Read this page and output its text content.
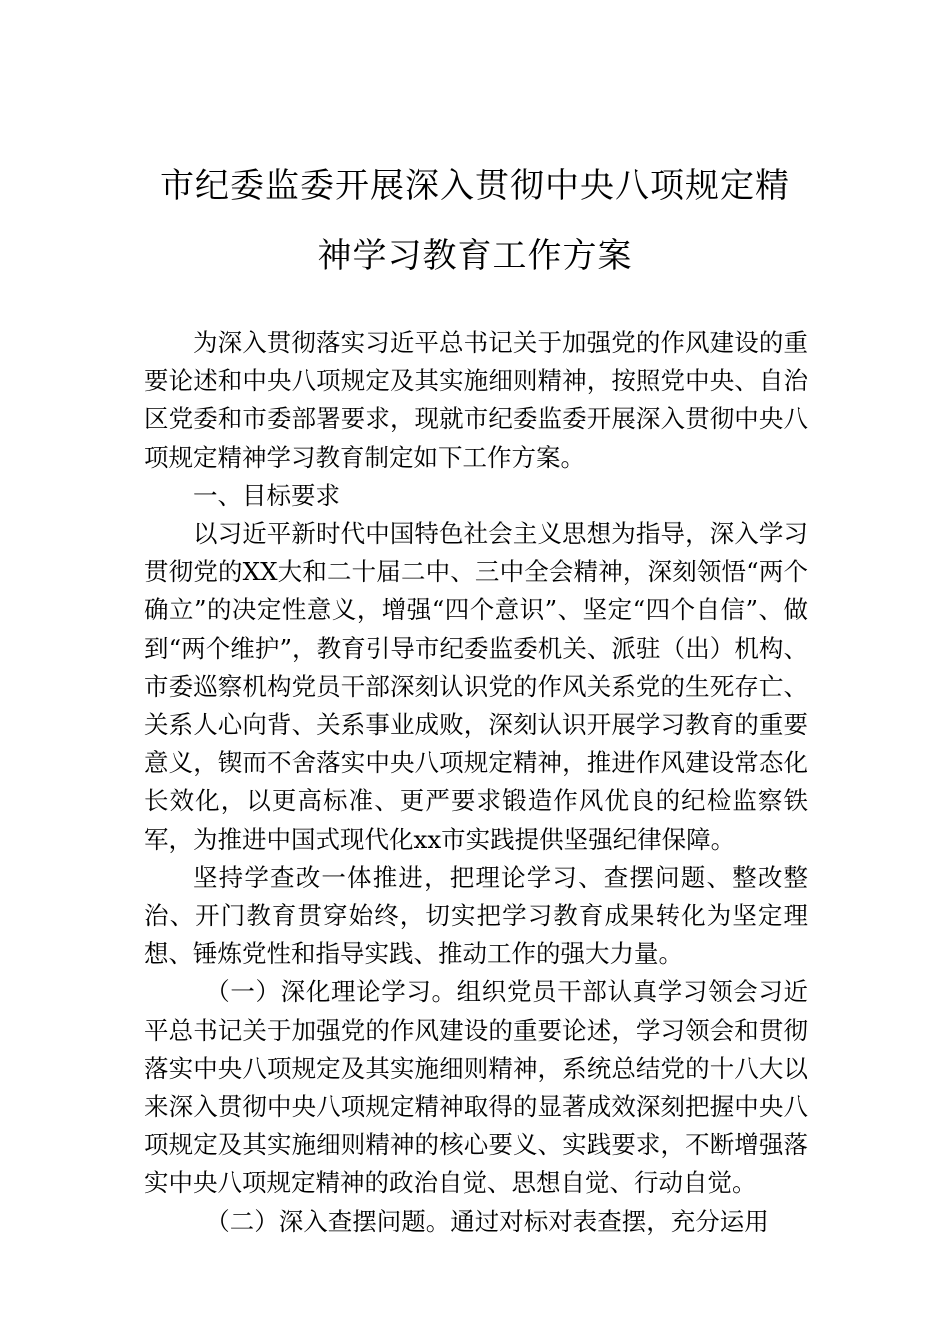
市纪委监委开展深入贯彻中央八项规定精
神学习教育工作方案

为深入贯彻落实习近平总书记关于加强党的作风建设的重要论述和中央八项规定及其实施细则精神，按照党中央、自治区党委和市委部署要求，现就市纪委监委开展深入贯彻中央八项规定精神学习教育制定如下工作方案。

一、目标要求

以习近平新时代中国特色社会主义思想为指导，深入学习贯彻党的XX大和二十届二中、三中全会精神，深刻领悟“两个确立”的决定性意义，增强“四个意识”、坚定“四个自信”、做到“两个维护”，教育引导市纪委监委机关、派驻（出）机构、市委巡察机构党员干部深刻认识党的作风关系党的生死存亡、关系人心向背、关系事业成败，深刻认识开展学习教育的重要意义，锲而不舍落实中央八项规定精神，推进作风建设常态化长效化，以更高标准、更严要求锻造作风优良的纪检监察铁军，为推进中国式现代化xx市实践提供坚强纪律保障。

坚持学查改一体推进，把理论学习、查摆问题、整改整治、开门教育贯穿始终，切实把学习教育成果转化为坚定理想、锤炼党性和指导实践、推动工作的强大力量。

（一）深化理论学习。组织党员干部认真学习领会习近平总书记关于加强党的作风建设的重要论述，学习领会和贯彻落实中央八项规定及其实施细则精神，系统总结党的十八大以来深入贯彻中央八项规定精神取得的显著成效深刻把握中央八项规定及其实施细则精神的核心要义、实践要求，不断增强落实中央八项规定精神的政治自觉、思想自觉、行动自觉。

（二）深入查摆问题。通过对标对表查摆，充分运用
